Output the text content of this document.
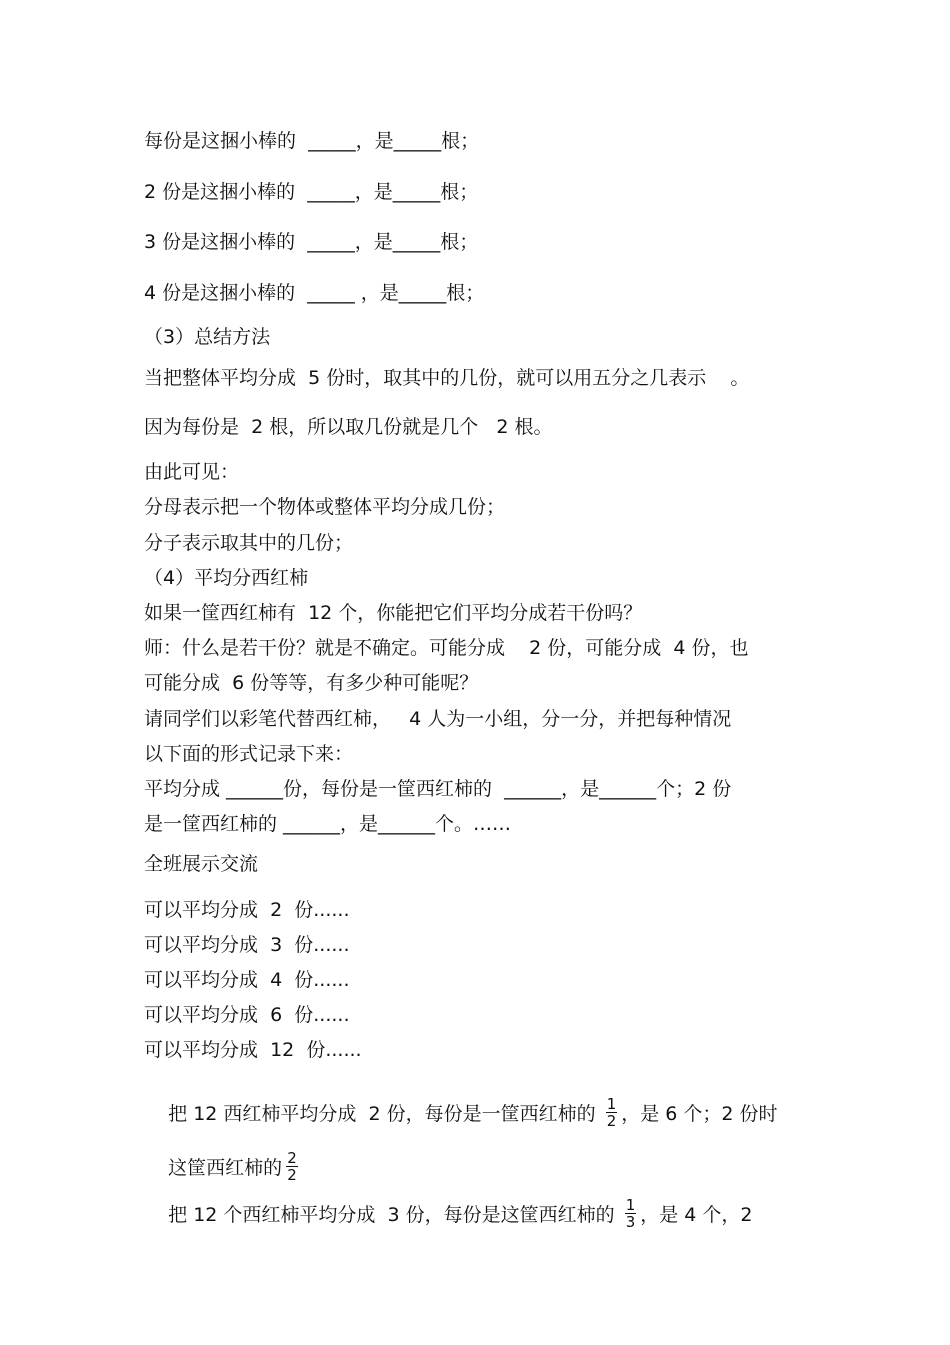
每份是这捆小棒的  _____，是_____根；
2 份是这捆小棒的  _____，是_____根；
3 份是这捆小棒的  _____，是_____根；
4 份是这捆小棒的  _____ ，是_____根；
（3）总结方法
当把整体平均分成  5 份时，取其中的几份，就可以用五分之几表示    。
因为每份是  2 根，所以取几份就是几个   2 根。
由此可见：
分母表示把一个物体或整体平均分成几份；
分子表示取其中的几份；
（4）平均分西红柿
如果一筐西红柿有  12 个，你能把它们平均分成若干份吗？
师：什么是若干份？就是不确定。可能分成    2 份，可能分成  4 份，也
可能分成  6 份等等，有多少种可能呢？
请同学们以彩笔代替西红柿，   4 人为一小组，分一分，并把每种情况
以下面的形式记录下来：
平均分成 ______份，每份是一筐西红柿的  ______，是______个；2 份
是一筐西红柿的 ______，是______个。……
全班展示交流
可以平均分成  2  份......
可以平均分成  3  份......
可以平均分成  4  份......
可以平均分成  6  份......
可以平均分成  12  份......

把 12 西红柿平均分成  2 份，每份是一筐西红柿的 $\frac{1}{2}$ ，是 6 个；2 份时

这筐西红柿的 $\frac{2}{2}$

把 12 个西红柿平均分成  3 份，每份是这筐西红柿的 $\frac{1}{3}$ ，是 4 个，2
